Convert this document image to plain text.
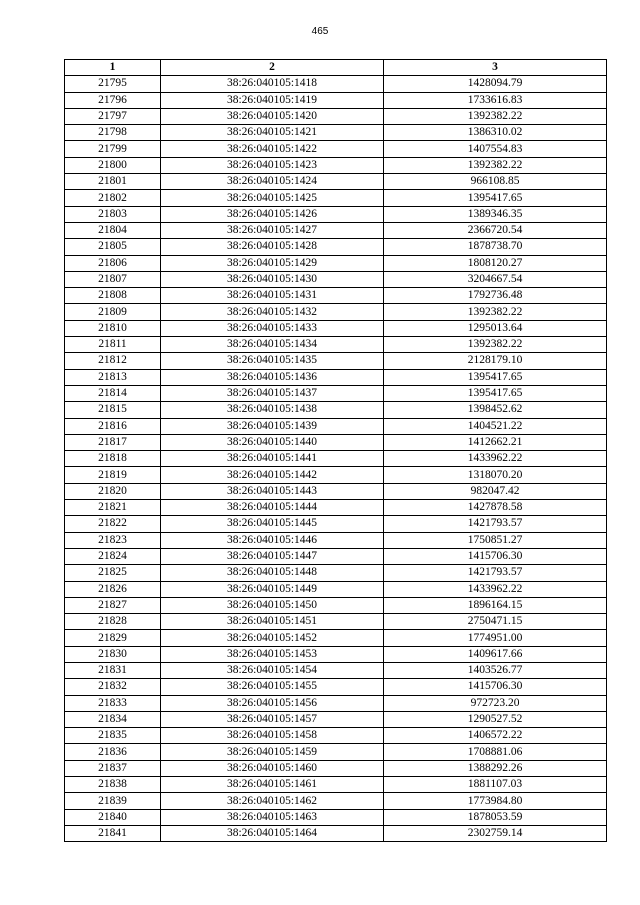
465
1	2	3
21795	38:26:040105:1418	1428094.79
21796	38:26:040105:1419	1733616.83
21797	38:26:040105:1420	1392382.22
21798	38:26:040105:1421	1386310.02
21799	38:26:040105:1422	1407554.83
21800	38:26:040105:1423	1392382.22
21801	38:26:040105:1424	966108.85
21802	38:26:040105:1425	1395417.65
21803	38:26:040105:1426	1389346.35
21804	38:26:040105:1427	2366720.54
21805	38:26:040105:1428	1878738.70
21806	38:26:040105:1429	1808120.27
21807	38:26:040105:1430	3204667.54
21808	38:26:040105:1431	1792736.48
21809	38:26:040105:1432	1392382.22
21810	38:26:040105:1433	1295013.64
21811	38:26:040105:1434	1392382.22
21812	38:26:040105:1435	2128179.10
21813	38:26:040105:1436	1395417.65
21814	38:26:040105:1437	1395417.65
21815	38:26:040105:1438	1398452.62
21816	38:26:040105:1439	1404521.22
21817	38:26:040105:1440	1412662.21
21818	38:26:040105:1441	1433962.22
21819	38:26:040105:1442	1318070.20
21820	38:26:040105:1443	982047.42
21821	38:26:040105:1444	1427878.58
21822	38:26:040105:1445	1421793.57
21823	38:26:040105:1446	1750851.27
21824	38:26:040105:1447	1415706.30
21825	38:26:040105:1448	1421793.57
21826	38:26:040105:1449	1433962.22
21827	38:26:040105:1450	1896164.15
21828	38:26:040105:1451	2750471.15
21829	38:26:040105:1452	1774951.00
21830	38:26:040105:1453	1409617.66
21831	38:26:040105:1454	1403526.77
21832	38:26:040105:1455	1415706.30
21833	38:26:040105:1456	972723.20
21834	38:26:040105:1457	1290527.52
21835	38:26:040105:1458	1406572.22
21836	38:26:040105:1459	1708881.06
21837	38:26:040105:1460	1388292.26
21838	38:26:040105:1461	1881107.03
21839	38:26:040105:1462	1773984.80
21840	38:26:040105:1463	1878053.59
21841	38:26:040105:1464	2302759.14
